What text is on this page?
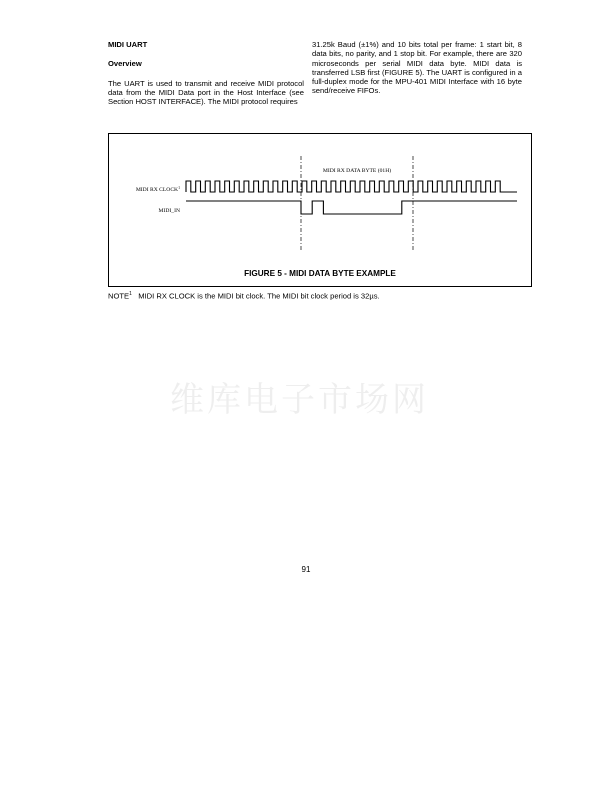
MIDI UART

Overview

The UART is used to transmit and receive MIDI protocol data from the MIDI Data port in the Host Interface (see Section HOST INTERFACE). The MIDI protocol requires

31.25k Baud (±1%) and 10 bits total per frame: 1 start bit, 8 data bits, no parity, and 1 stop bit. For example, there are 320 microseconds per serial MIDI data byte. MIDI data is transferred LSB first (FIGURE 5). The UART is configured in a full-duplex mode for the MPU-401 MIDI Interface with 16 byte send/receive FIFOs.

MIDI RX DATA BYTE (01H)
MIDI RX CLOCK$^1$
MIDI_IN
FIGURE 5 - MIDI DATA BYTE EXAMPLE
NOTE$^1$ MIDI RX CLOCK is the MIDI bit clock. The MIDI bit clock period is 32µs.
维库电子市场网
91
